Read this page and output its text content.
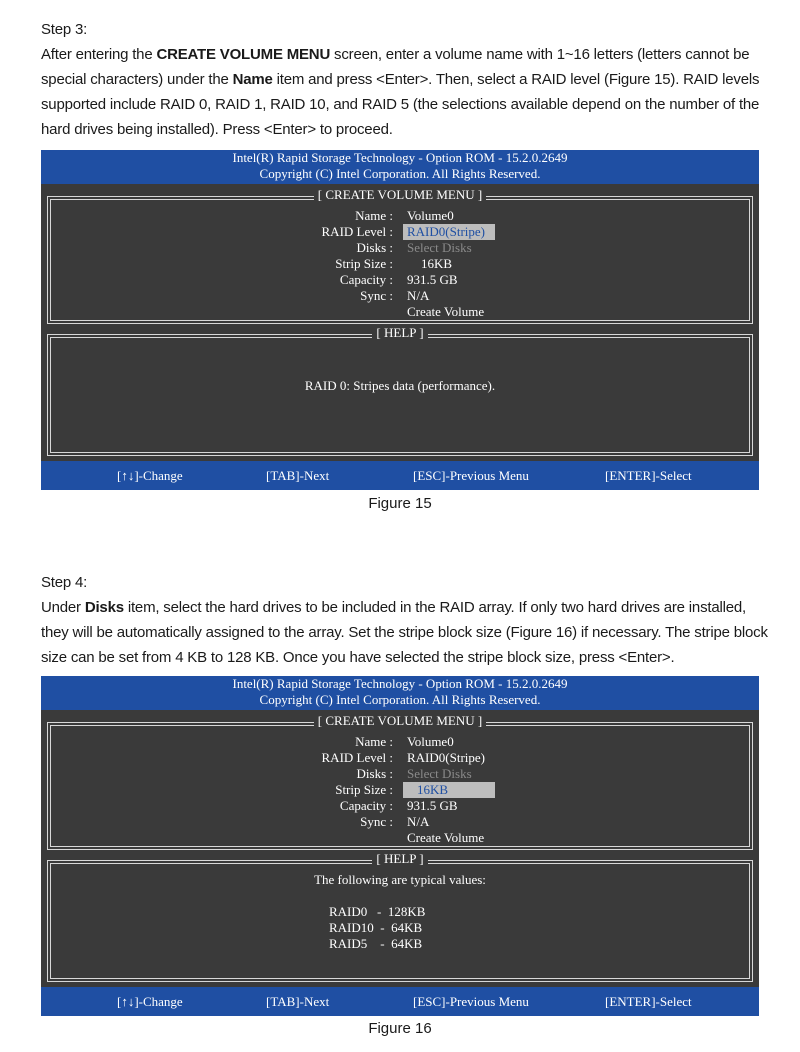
Step 3:
After entering the CREATE VOLUME MENU screen, enter a volume name with 1~16 letters (letters cannot be
special characters) under the Name item and press <Enter>. Then, select a RAID level (Figure 15). RAID levels
supported include RAID 0, RAID 1, RAID 10, and RAID 5 (the selections available depend on the number of the
hard drives being installed). Press <Enter> to proceed.
Intel(R) Rapid Storage Technology - Option ROM - 15.2.0.2649
Copyright (C) Intel Corporation. All Rights Reserved.
[ CREATE VOLUME MENU ]
Name : Volume0
RAID Level :	RAID0(Stripe)
Disks : Select Disks
Strip Size :	16KB
Capacity : 931.5 GB
Sync : N/A
Create Volume
[ HELP ]
RAID 0: Stripes data (performance).
[↑↓]-Change	[TAB]-Next	[ESC]-Previous Menu	[ENTER]-Select
Figure 15
Step 4:
Under Disks item, select the hard drives to be included in the RAID array. If only two hard drives are installed,
they will be automatically assigned to the array. Set the stripe block size (Figure 16) if necessary. The stripe block
size can be set from 4 KB to 128 KB. Once you have selected the stripe block size, press <Enter>.
Intel(R) Rapid Storage Technology - Option ROM - 15.2.0.2649
Copyright (C) Intel Corporation. All Rights Reserved.
[ CREATE VOLUME MENU ]
Name : Volume0
RAID Level : RAID0(Stripe)
Disks : Select Disks
Strip Size :	16KB
Capacity : 931.5 GB
Sync : N/A
Create Volume
[ HELP ]
The following are typical values:
RAID0   -  128KB
RAID10  -  64KB
RAID5    -  64KB
[↑↓]-Change	[TAB]-Next	[ESC]-Previous Menu	[ENTER]-Select
Figure 16
